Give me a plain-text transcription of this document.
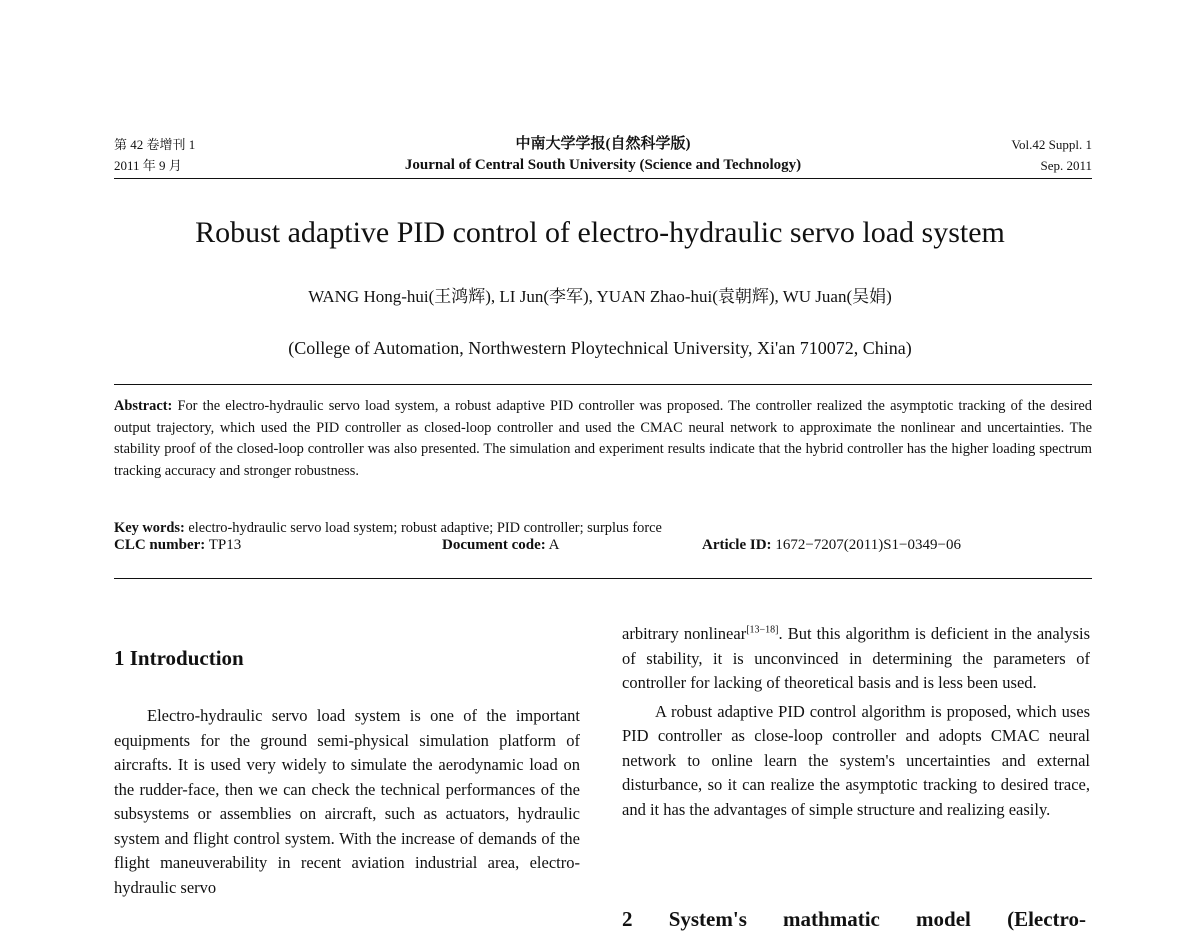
第 42 卷增刊 1
2011 年 9 月
中南大学学报(自然科学版)
Journal of Central South University (Science and Technology)
Vol.42 Suppl. 1
Sep. 2011
Robust adaptive PID control of electro-hydraulic servo load system
WANG Hong-hui(王鸿辉), LI Jun(李军), YUAN Zhao-hui(袁朝辉), WU Juan(吴娟)
(College of Automation, Northwestern Ploytechnical University, Xi'an 710072, China)
Abstract: For the electro-hydraulic servo load system, a robust adaptive PID controller was proposed. The controller realized the asymptotic tracking of the desired output trajectory, which used the PID controller as closed-loop controller and used the CMAC neural network to approximate the nonlinear and uncertainties. The stability proof of the closed-loop controller was also presented. The simulation and experiment results indicate that the hybrid controller has the higher loading spectrum tracking accuracy and stronger robustness.
Key words: electro-hydraulic servo load system; robust adaptive; PID controller; surplus force
CLC number: TP13	Document code: A	Article ID: 1672−7207(2011)S1−0349−06
1 Introduction

Electro-hydraulic servo load system is one of the important equipments for the ground semi-physical simulation platform of aircrafts. It is used very widely to simulate the aerodynamic load on the rudder-face, then we can check the technical performances of the subsystems or assemblies on aircraft, such as actuators, hydraulic system and flight control system. With the increase of demands of the flight maneuverability in recent aviation industrial area, electro-hydraulic servo

arbitrary nonlinear[13−18]. But this algorithm is deficient in the analysis of stability, it is unconvinced in determining the parameters of controller for lacking of theoretical basis and is less been used.

A robust adaptive PID control algorithm is proposed, which uses PID controller as close-loop controller and adopts CMAC neural network to online learn the system's uncertainties and external disturbance, so it can realize the asymptotic tracking to desired trace, and it has the advantages of simple structure and realizing easily.

2 System's mathmatic model (Electro-
